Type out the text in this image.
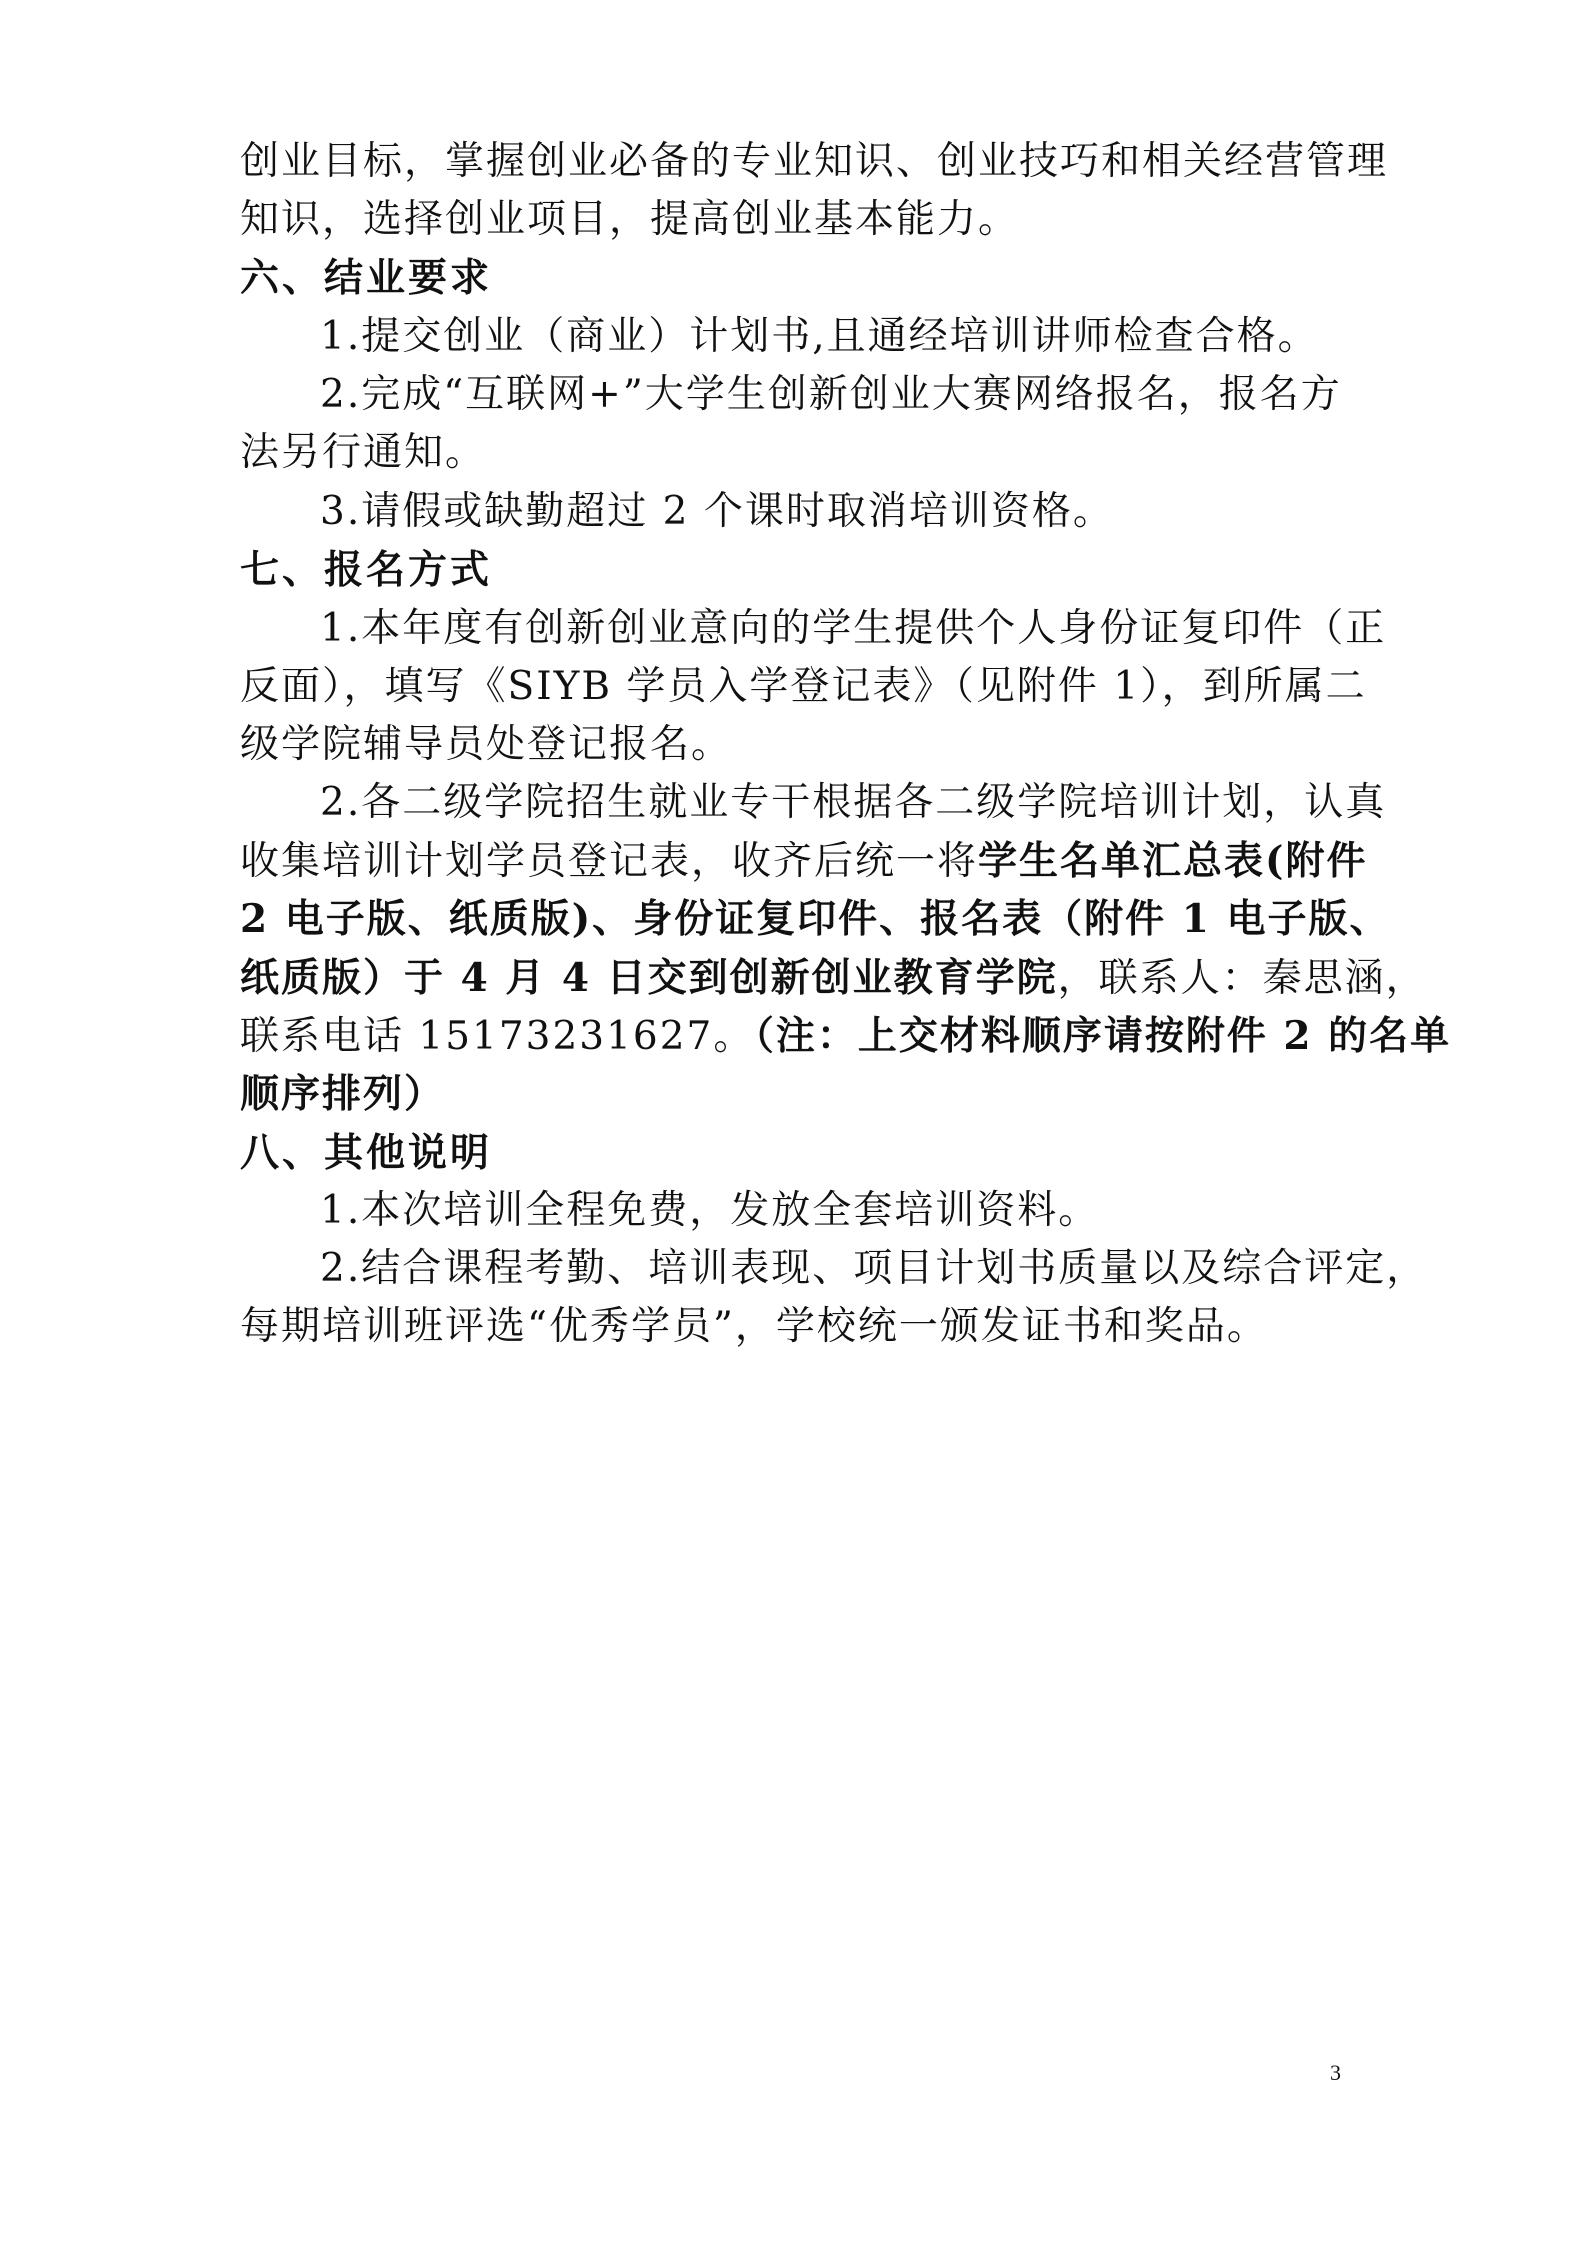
创业目标，掌握创业必备的专业知识、创业技巧和相关经营管理
知识，选择创业项目，提高创业基本能力。
六、结业要求
1.提交创业（商业）计划书,且通经培训讲师检查合格。
2.完成“互联网+”大学生创新创业大赛网络报名，报名方
法另行通知。
3.请假或缺勤超过 2 个课时取消培训资格。
七、报名方式
1.本年度有创新创业意向的学生提供个人身份证复印件（正
反面），填写《SIYB 学员入学登记表》（见附件 1），到所属二
级学院辅导员处登记报名。
2.各二级学院招生就业专干根据各二级学院培训计划，认真
收集培训计划学员登记表，收齐后统一将学生名单汇总表(附件
2 电子版、纸质版)、身份证复印件、报名表（附件 1 电子版、
纸质版）于 4 月 4 日交到创新创业教育学院，联系人：秦思涵，
联系电话 15173231627。（注：上交材料顺序请按附件 2 的名单
顺序排列）
八、其他说明
1.本次培训全程免费，发放全套培训资料。
2.结合课程考勤、培训表现、项目计划书质量以及综合评定，
每期培训班评选“优秀学员”，学校统一颁发证书和奖品。
3
